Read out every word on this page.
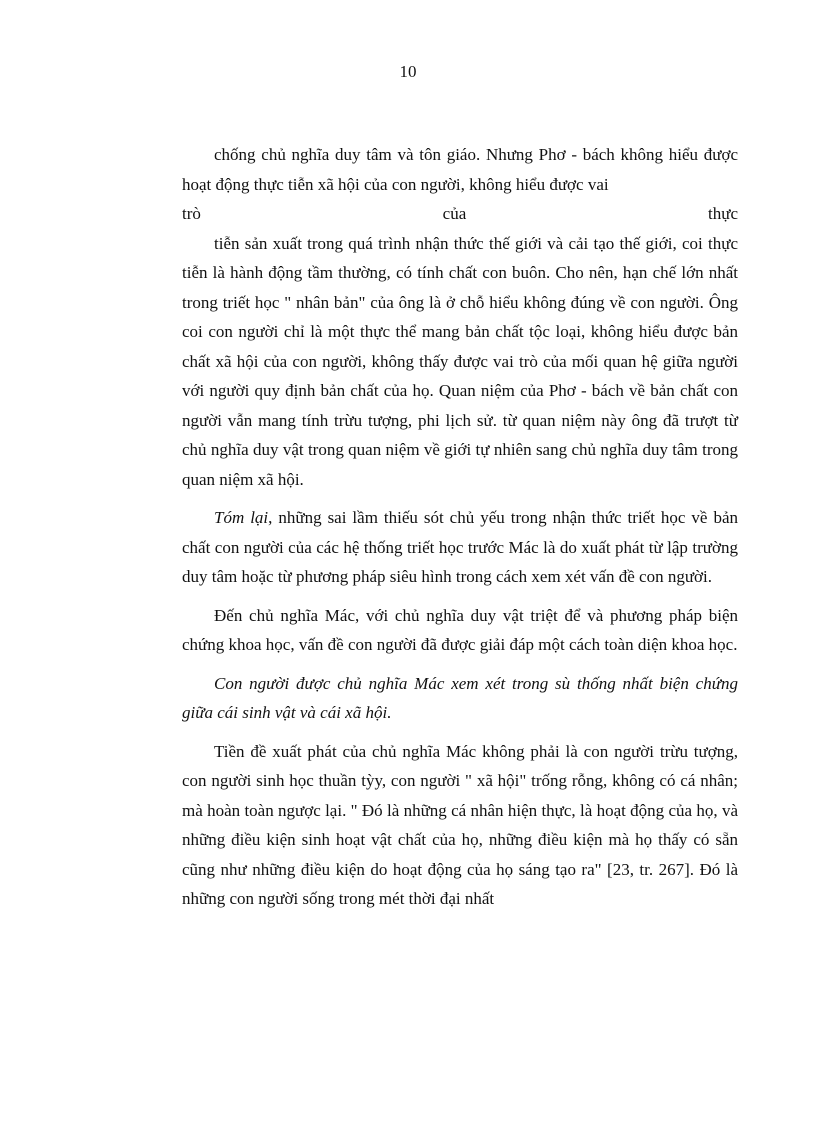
10

chống chủ nghĩa duy tâm và tôn giáo. Nhưng Phơ - bách không hiểu được hoạt động thực tiễn xã hội của con người, không hiểu được vai

trò	của	thực

tiễn sản xuất trong quá trình nhận thức thế giới và cải tạo thế giới, coi thực tiễn là hành động tầm thường, có tính chất con buôn. Cho nên, hạn chế lớn nhất trong triết học " nhân bản" của ông là ở chỗ hiểu không đúng về con người. Ông coi con người chỉ là một thực thể mang bản chất tộc loại, không hiểu được bản chất xã hội của con người, không thấy được vai trò của mối quan hệ giữa người với người quy định bản chất của họ. Quan niệm của Phơ - bách về bản chất con người vẫn mang tính trừu tượng, phi lịch sử. từ quan niệm này ông đã trượt từ chủ nghĩa duy vật trong quan niệm về giới tự nhiên sang chủ nghĩa duy tâm trong quan niệm xã hội.

Tóm lại, những sai lầm thiếu sót chủ yếu trong nhận thức triết học về bản chất con người của các hệ thống triết học trước Mác là do xuất phát từ lập trường duy tâm hoặc từ phương pháp siêu hình trong cách xem xét vấn đề con người.

Đến chủ nghĩa Mác, với chủ nghĩa duy vật triệt để và phương pháp biện chứng khoa học, vấn đề con người đã được giải đáp một cách toàn diện khoa học.

Con người được chủ nghĩa Mác xem xét trong sù thống nhất biện chứng giữa cái sinh vật và cái xã hội.

Tiền đề xuất phát của chủ nghĩa Mác không phải là con người trừu tượng, con người sinh học thuần tỳy, con người " xã hội" trống rỗng, không có cá nhân; mà hoàn toàn ngược lại. " Đó là những cá nhân hiện thực, là hoạt động của họ, và những điều kiện sinh hoạt vật chất của họ, những điều kiện mà họ thấy có sẵn cũng như những điều kiện do hoạt động của họ sáng tạo ra" [23, tr. 267]. Đó là những con người sống trong mét thời đại nhất
